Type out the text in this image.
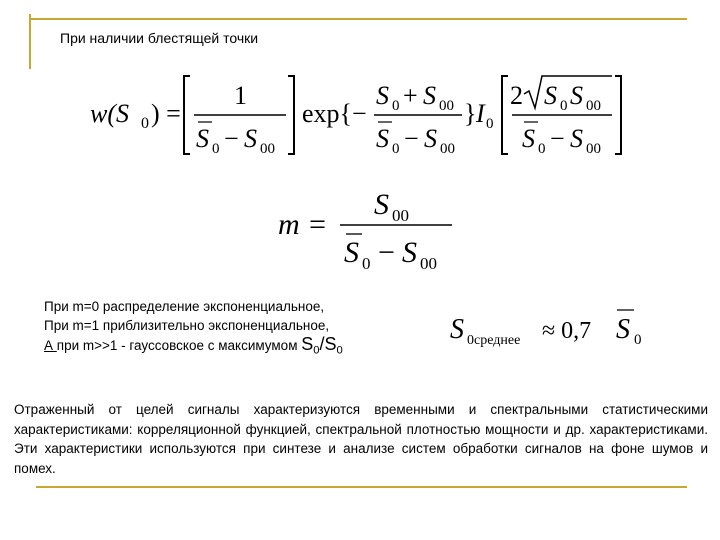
При наличии блестящей точки
w(S 0 ) =
1
S 0 − S 00
exp{−
S 0 + S 00
S 0 − S 00
} I 0
2 S 0 S 00
S 0 − S 00
m =
S 00
S 0 − S 00
S 0среднее ≈ 0,7 S 0
При m=0 распределение экспоненциальное,
При m=1 приблизительно экспоненциальное,
А при m>>1 - гауссовское с максимумом $S_0/S_0$
Отраженный от целей сигналы характеризуются временными и спектральными статистическими характеристиками: корреляционной функцией, спектральной плотностью мощности и др. характеристиками. Эти характеристики используются при синтезе и анализе систем обработки сигналов на фоне шумов и помех.
